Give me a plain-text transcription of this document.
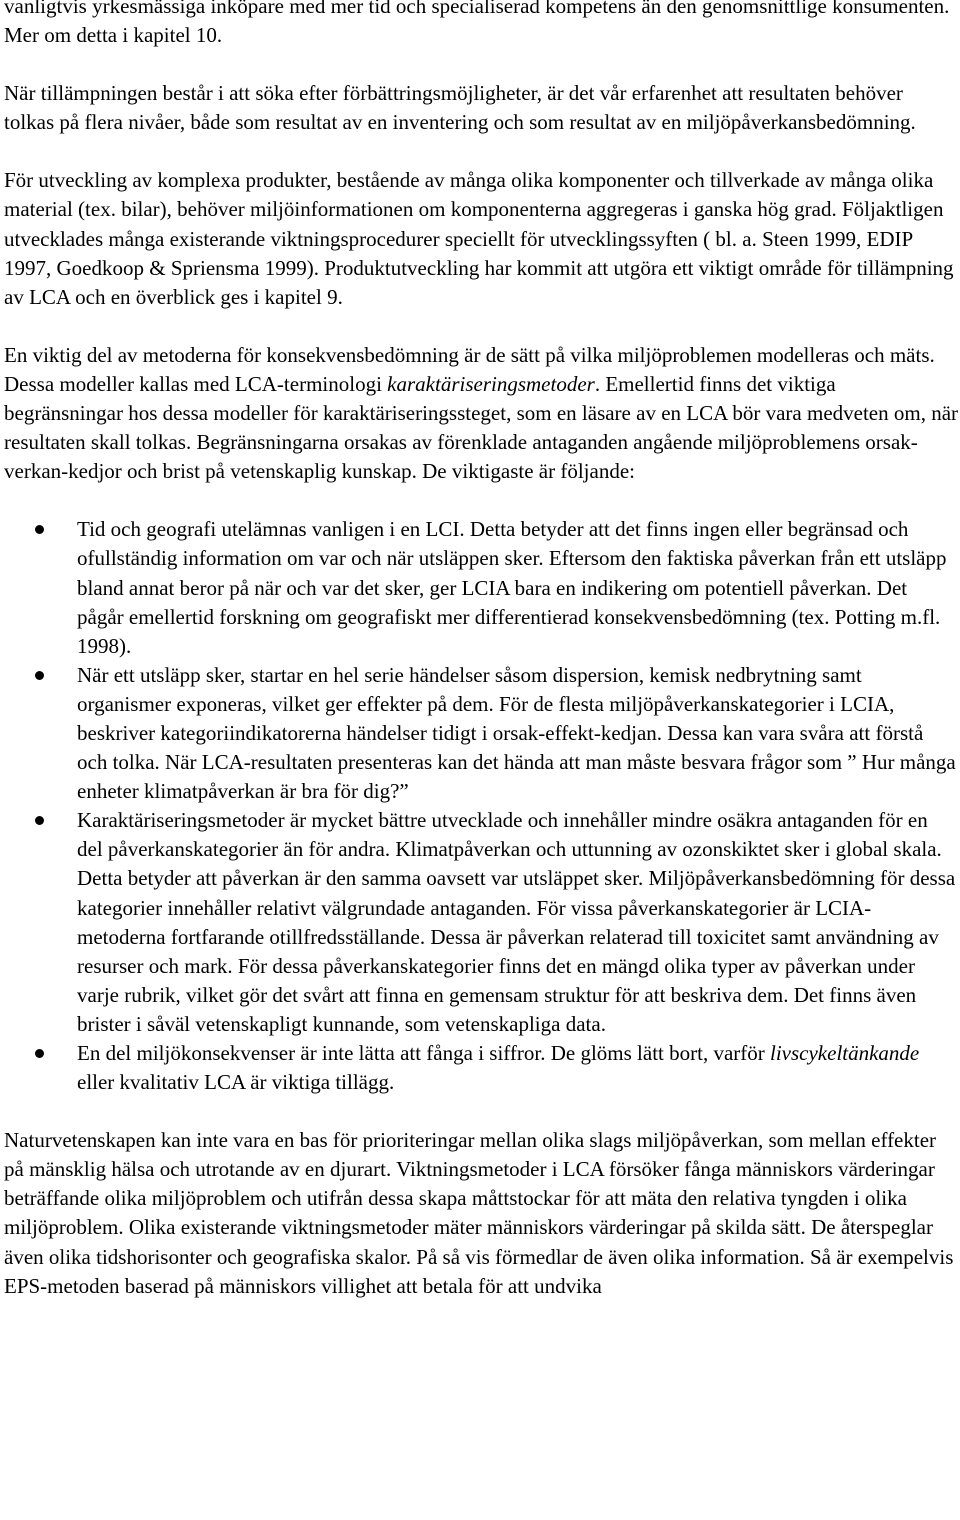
vanligtvis yrkesmässiga inköpare med mer tid och specialiserad kompetens än den genomsnittlige konsumenten. Mer om detta i kapitel 10.

När tillämpningen består i att söka efter förbättringsmöjligheter, är det vår erfarenhet att resultaten behöver tolkas på flera nivåer, både som resultat av en inventering och som resultat av en miljöpåverkansbedömning.

För utveckling av komplexa produkter, bestående av många olika komponenter och tillverkade av många olika material (tex. bilar), behöver miljöinformationen om komponenterna aggregeras i ganska hög grad. Följaktligen utvecklades många existerande viktningsprocedurer speciellt för utvecklingssyften ( bl. a. Steen 1999, EDIP 1997, Goedkoop & Spriensma 1999). Produktutveckling har kommit att utgöra ett viktigt område för tillämpning av LCA och en överblick ges i kapitel 9.

En viktig del av metoderna för konsekvensbedömning är de sätt på vilka miljöproblemen modelleras och mäts. Dessa modeller kallas med LCA-terminologi karaktäriseringsmetoder. Emellertid finns det viktiga begränsningar hos dessa modeller för karaktäriseringssteget, som en läsare av en LCA bör vara medveten om, när resultaten skall tolkas. Begränsningarna orsakas av förenklade antaganden angående miljöproblemens orsak-verkan-kedjor och brist på vetenskaplig kunskap. De viktigaste är följande:

Tid och geografi utelämnas vanligen i en LCI. Detta betyder att det finns ingen eller begränsad och ofullständig information om var och när utsläppen sker. Eftersom den faktiska påverkan från ett utsläpp bland annat beror på när och var det sker, ger LCIA bara en indikering om potentiell påverkan. Det pågår emellertid forskning om geografiskt mer differentierad konsekvensbedömning (tex. Potting m.fl. 1998).
När ett utsläpp sker, startar en hel serie händelser såsom dispersion, kemisk nedbrytning samt organismer exponeras, vilket ger effekter på dem. För de flesta miljöpåverkanskategorier i LCIA, beskriver kategoriindikatorerna händelser tidigt i orsak-effekt-kedjan. Dessa kan vara svåra att förstå och tolka. När LCA-resultaten presenteras kan det hända att man måste besvara frågor som ” Hur många enheter klimatpåverkan är bra för dig?”
Karaktäriseringsmetoder är mycket bättre utvecklade och innehåller mindre osäkra antaganden för en del påverkanskategorier än för andra. Klimatpåverkan och uttunning av ozonskiktet sker i global skala. Detta betyder att påverkan är den samma oavsett var utsläppet sker. Miljöpåverkansbedömning för dessa kategorier innehåller relativt välgrundade antaganden. För vissa påverkanskategorier är LCIA-metoderna fortfarande otillfredsställande. Dessa är påverkan relaterad till toxicitet samt användning av resurser och mark. För dessa påverkanskategorier finns det en mängd olika typer av påverkan under varje rubrik, vilket gör det svårt att finna en gemensam struktur för att beskriva dem. Det finns även brister i såväl vetenskapligt kunnande, som vetenskapliga data.
En del miljökonsekvenser är inte lätta att fånga i siffror. De glöms lätt bort, varför livscykeltänkande eller kvalitativ LCA är viktiga tillägg.

Naturvetenskapen kan inte vara en bas för prioriteringar mellan olika slags miljöpåverkan, som mellan effekter på mänsklig hälsa och utrotande av en djurart. Viktningsmetoder i LCA försöker fånga människors värderingar beträffande olika miljöproblem och utifrån dessa skapa måttstockar för att mäta den relativa tyngden i olika miljöproblem. Olika existerande viktningsmetoder mäter människors värderingar på skilda sätt. De återspeglar även olika tidshorisonter och geografiska skalor. På så vis förmedlar de även olika information. Så är exempelvis EPS-metoden baserad på människors villighet att betala för att undvika
